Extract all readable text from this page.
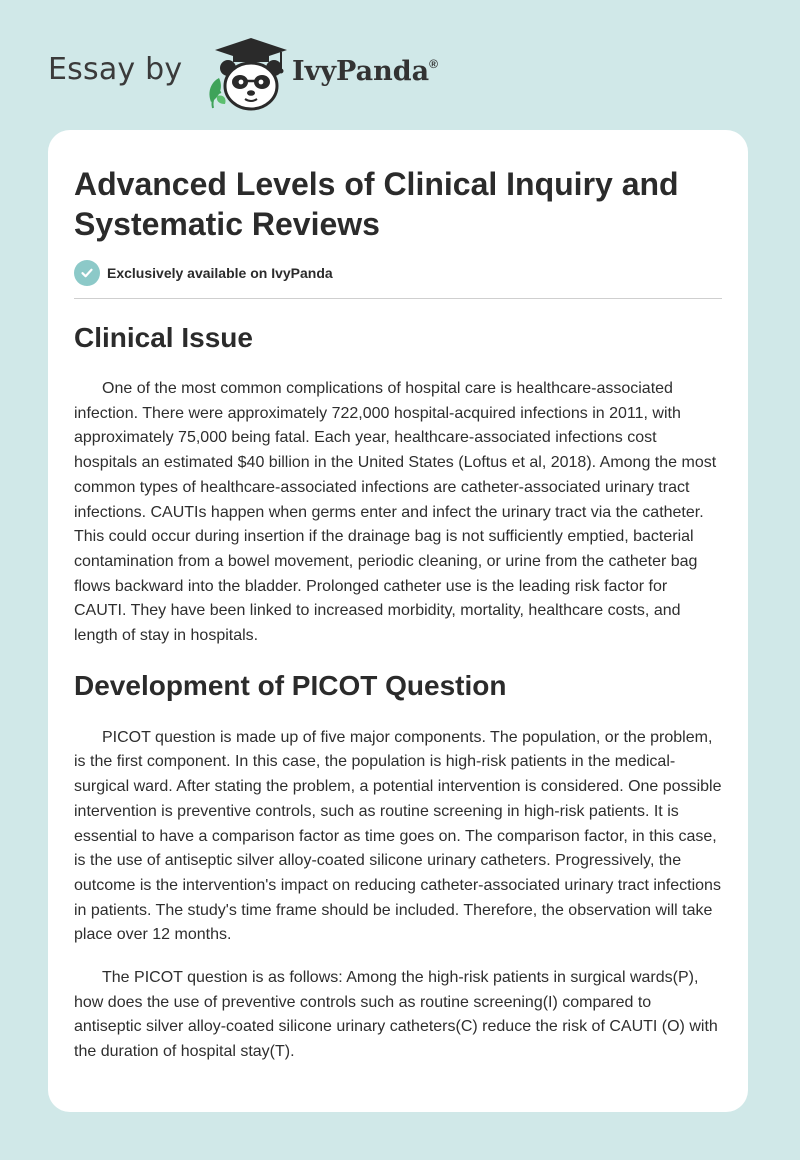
Essay by	IvyPanda®
Advanced Levels of Clinical Inquiry and Systematic Reviews
Exclusively available on IvyPanda
Clinical Issue

One of the most common complications of hospital care is healthcare-associated infection. There were approximately 722,000 hospital-acquired infections in 2011, with approximately 75,000 being fatal. Each year, healthcare-associated infections cost hospitals an estimated $40 billion in the United States (Loftus et al, 2018). Among the most common types of healthcare-associated infections are catheter-associated urinary tract infections. CAUTIs happen when germs enter and infect the urinary tract via the catheter. This could occur during insertion if the drainage bag is not sufficiently emptied, bacterial contamination from a bowel movement, periodic cleaning, or urine from the catheter bag flows backward into the bladder. Prolonged catheter use is the leading risk factor for CAUTI. They have been linked to increased morbidity, mortality, healthcare costs, and length of stay in hospitals.

Development of PICOT Question

PICOT question is made up of five major components. The population, or the problem, is the first component. In this case, the population is high-risk patients in the medical-surgical ward. After stating the problem, a potential intervention is considered. One possible intervention is preventive controls, such as routine screening in high-risk patients. It is essential to have a comparison factor as time goes on. The comparison factor, in this case, is the use of antiseptic silver alloy-coated silicone urinary catheters. Progressively, the outcome is the intervention's impact on reducing catheter-associated urinary tract infections in patients. The study's time frame should be included. Therefore, the observation will take place over 12 months.

The PICOT question is as follows: Among the high-risk patients in surgical wards(P), how does the use of preventive controls such as routine screening(I) compared to antiseptic silver alloy-coated silicone urinary catheters(C) reduce the risk of CAUTI (O) with the duration of hospital stay(T).
